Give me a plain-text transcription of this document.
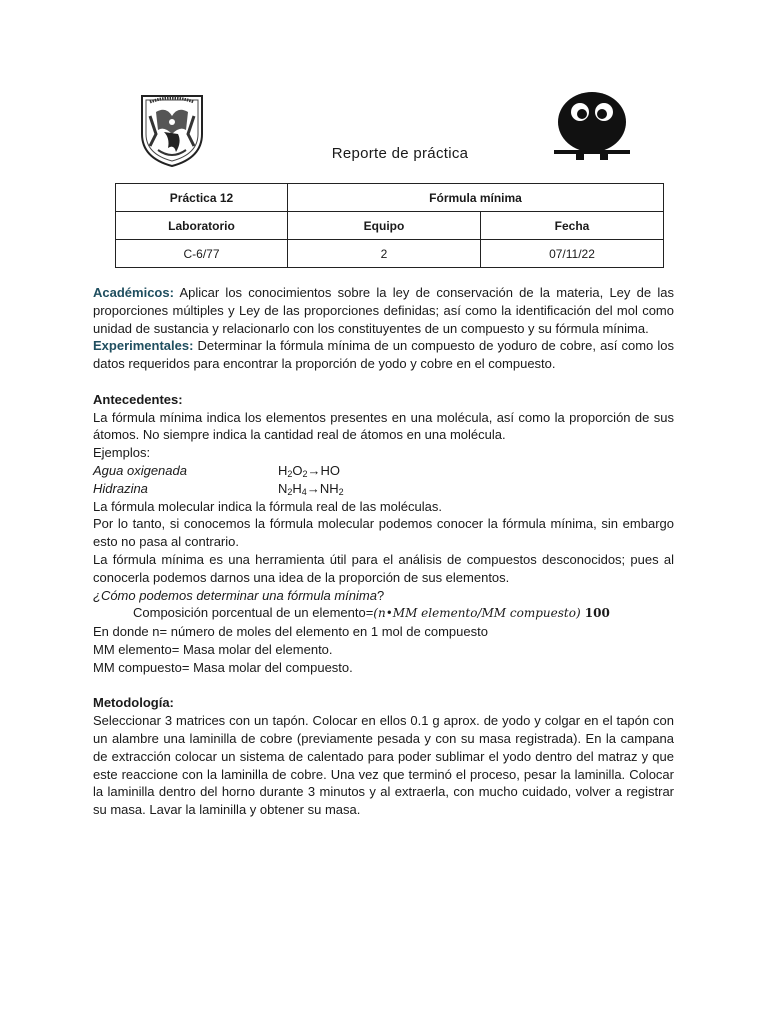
Reporte de práctica
Práctica 12	Fórmula mínima	
Laboratorio	Equipo	Fecha
C-6/77	2	07/11/22

Académicos: Aplicar los conocimientos sobre la ley de conservación de la materia, Ley de las proporciones múltiples y Ley de las proporciones definidas; así como la identificación del mol como unidad de sustancia y relacionarlo con los constituyentes de un compuesto y su fórmula mínima.

Experimentales: Determinar la fórmula mínima de un compuesto de yoduro de cobre, así como los datos requeridos para encontrar la proporción de yodo y cobre en el compuesto.

Antecedentes:

La fórmula mínima indica los elementos presentes en una molécula, así como la proporción de sus átomos. No siempre indica la cantidad real de átomos en una molécula.

Ejemplos:

Agua oxigenada	$H_2O_2\to HO$
Hidrazina	$N_2H_4\to NH_2$

La fórmula molecular indica la fórmula real de las moléculas.

Por lo tanto, si conocemos la fórmula molecular podemos conocer la fórmula mínima, sin embargo esto no pasa al contrario.

La fórmula mínima es una herramienta útil para el análisis de compuestos desconocidos; pues al conocerla podemos darnos una idea de la proporción de sus elementos.

¿Cómo podemos determinar una fórmula mínima?

Composición porcentual de un elemento=(n•MM elemento/MM compuesto) 100

En donde n= número de moles del elemento en 1 mol de compuesto

MM elemento= Masa molar del elemento.

MM compuesto= Masa molar del compuesto.

Metodología:

Seleccionar 3 matrices con un tapón. Colocar en ellos 0.1 g aprox. de yodo y colgar en el tapón con un alambre una laminilla de cobre (previamente pesada y con su masa registrada). En la campana de extracción colocar un sistema de calentado para poder sublimar el yodo dentro del matraz y que este reaccione con la laminilla de cobre. Una vez que terminó el proceso, pesar la laminilla. Colocar la laminilla dentro del horno durante 3 minutos y al extraerla, con mucho cuidado, volver a registrar su masa. Lavar la laminilla y obtener su masa.
